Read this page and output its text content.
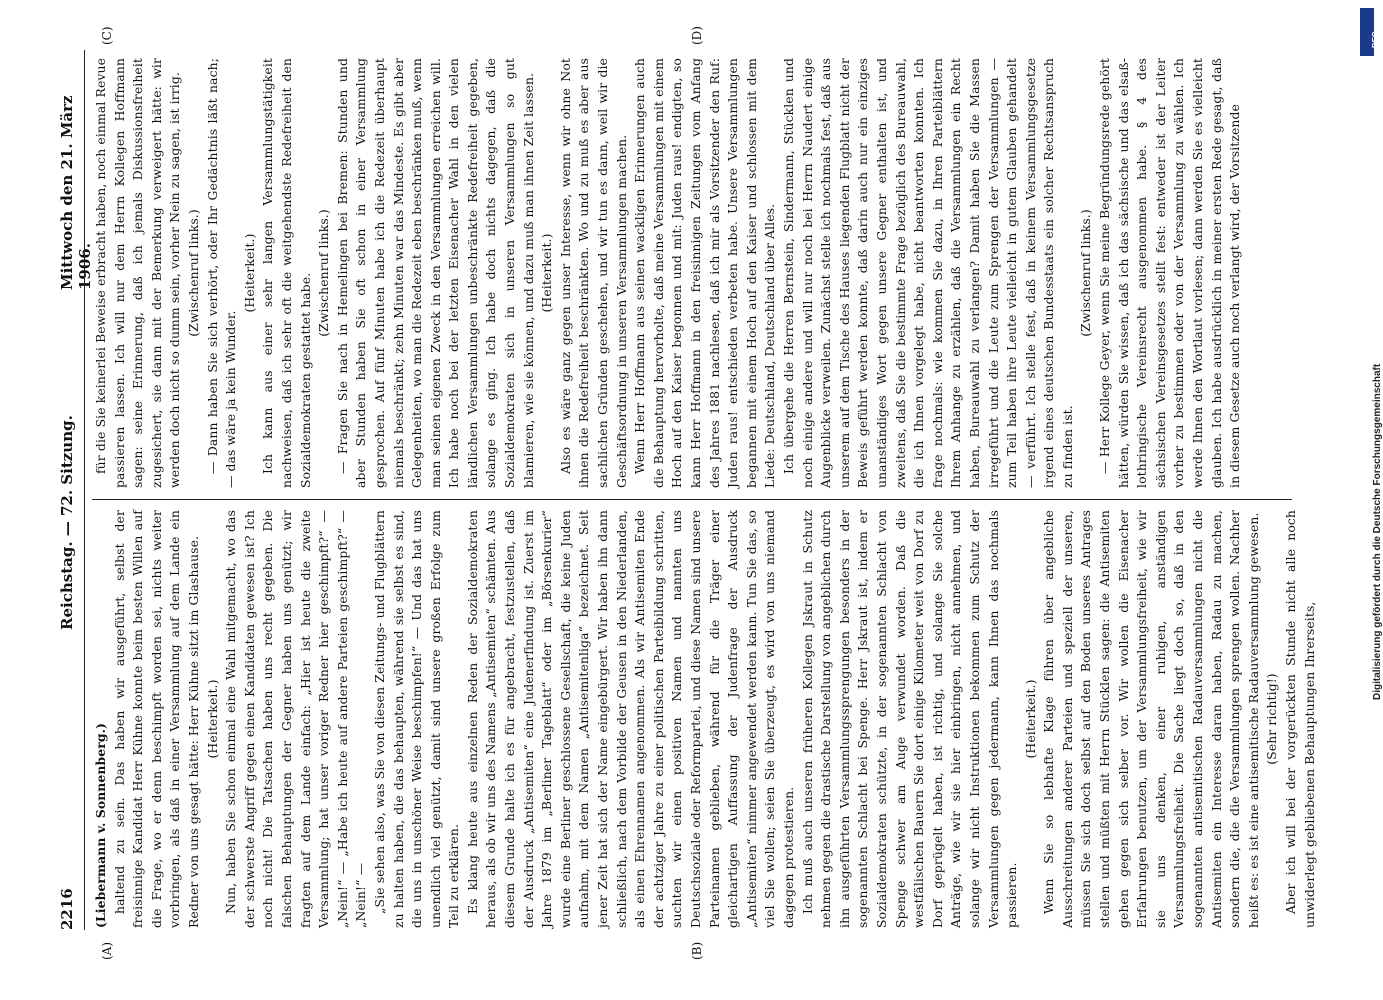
2216
Reichstag. — 72. Sitzung.
Mittwoch den 21. März 1906.
(A)	(B)
(C)	(D)

(Liebermann v. Sonnenberg.) haltend zu sein. Das haben wir ausgeführt, selbst der freisinnige Kandidat Herr Kühne konnte beim besten Willen auf die Frage, wo er denn beschimpft worden sei, nichts weiter vorbringen, als daß in einer Versammlung auf dem Lande ein Redner von uns gesagt hätte: Herr Kühne sitzt im Glashause. (Heiterkeit.) Nun, haben Sie schon einmal eine Wahl mitgemacht, wo das der schwerste Angriff gegen einen Kandidaten gewesen ist? Ich noch nicht! Die Tatsachen haben uns recht gegeben. Die falschen Behauptungen der Gegner haben uns genützt; wir fragten auf dem Lande einfach: „Hier ist heute die zweite Versammlung; hat unser voriger Redner hier geschimpft?“ — „Nein!“ — „Habe ich heute auf andere Parteien geschimpft?“ — „Nein!“ — „Sie sehen also, was Sie von diesen Zeitungs- und Flugblättern zu halten haben, die das behaupten, während sie selbst es sind, die uns in unschöner Weise beschimpfen!“ — Und das hat uns unendlich viel genützt, damit sind unsere großen Erfolge zum Teil zu erklären. Es klang heute aus einzelnen Reden der Sozialdemokraten heraus, als ob wir uns des Namens „Antisemiten“ schämten. Aus diesem Grunde halte ich es für angebracht, festzustellen, daß der Ausdruck „Antisemiten“ eine Judenerfindung ist. Zuerst im Jahre 1879 im „Berliner Tageblatt“ oder im „Börsenkurier“ wurde eine Berliner geschlossene Gesellschaft, die keine Juden aufnahm, mit dem Namen „Antisemitenliga“ bezeichnet. Seit jener Zeit hat sich der Name eingebürgert. Wir haben ihn dann schließlich, nach dem Vorbilde der Geusen in den Niederlanden, als einen Ehrennamen angenommen. Als wir Antisemiten Ende der achtziger Jahre zu einer politischen Parteibildung schritten, suchten wir einen positiven Namen und nannten uns Deutschsoziale oder Reformpartei, und diese Namen sind unsere Parteinamen geblieben, während für die Träger einer gleichartigen Auffassung der Judenfrage der Ausdruck „Antisemiten“ nimmer angewendet werden kann. Tun Sie das, so viel Sie wollen; seien Sie überzeugt, es wird von uns niemand dagegen protestieren. Ich muß auch unseren früheren Kollegen Jskraut in Schutz nehmen gegen die drastische Darstellung von angeblichen durch ihn ausgeführten Versammlungssprengungen besonders in der sogenannten Schlacht bei Spenge. Herr Jskraut ist, indem er Sozialdemokraten schützte, in der sogenannten Schlacht von Spenge schwer am Auge verwundet worden. Daß die westfälischen Bauern Sie dort einige Kilometer weit von Dorf zu Dorf geprügelt haben, ist richtig, und solange Sie solche Anträge, wie wir sie hier einbringen, nicht annehmen, und solange wir nicht Instruktionen bekommen zum Schutz der Versammlungen gegen jedermann, kann Ihnen das nochmals passieren.

(Heiterkeit.) Wenn Sie so lebhafte Klage führen über angebliche Ausschreitungen anderer Parteien und speziell der unseren, müssen Sie sich doch selbst auf den Boden unseres Antrages stellen und müßten mit Herrn Stücklen sagen: die Antisemiten gehen gegen sich selber vor. Wir wollen die Eisenacher Erfahrungen benutzen, um der Versammlungsfreiheit, wie wir sie uns denken, einer ruhigen, anständigen Versammlungsfreiheit. Die Sache liegt doch so, daß in den sogenannten antisemitischen Radauversammlungen nicht die Antisemiten ein Interesse daran haben, Radau zu machen, sondern die, die die Versammlungen sprengen wollen. Nachher heißt es: es ist eine antisemitische Radauversammlung gewesen. (Sehr richtig!) Aber ich will bei der vorgerückten Stunde nicht alle noch unwiderlegt gebliebenen Behauptungen Ihrerseits,

für die Sie keinerlei Beweise erbracht haben, noch einmal Revue passieren lassen. Ich will nur dem Herrn Kollegen Hoffmann sagen: seine Erinnerung, daß ich jemals Diskussionsfreiheit zugesichert, sie dann mit der Bemerkung verweigert hätte: wir werden doch nicht so dumm sein, vorher Nein zu sagen, ist irrig. (Zwischenruf links.) — Dann haben Sie sich verhört, oder Ihr Gedächtnis läßt nach; — das wäre ja kein Wunder.

(Heiterkeit.) Ich kann aus einer sehr langen Versammlungstätigkeit nachweisen, daß ich sehr oft die weitgehendste Redefreiheit den Sozialdemokraten gestattet habe. (Zwischenruf links.) — Fragen Sie nach in Hemelingen bei Bremen: Stunden und aber Stunden haben Sie oft schon in einer Versammlung gesprochen. Auf fünf Minuten habe ich die Redezeit überhaupt niemals beschränkt; zehn Minuten war das Mindeste. Es gibt aber Gelegenheiten, wo man die Redezeit eben beschränken muß, wenn man seinen eigenen Zweck in den Versammlungen erreichen will. Ich habe noch bei der letzten Eisenacher Wahl in den vielen ländlichen Versammlungen unbeschränkte Redefreiheit gegeben, solange es ging. Ich habe doch nichts dagegen, daß die Sozialdemokraten sich in unseren Versammlungen so gut blamieren, wie sie können, und dazu muß man ihnen Zeit lassen. (Heiterkeit.) Also es wäre ganz gegen unser Interesse, wenn wir ohne Not ihnen die Redefreiheit beschränkten. Wo und zu muß es aber aus sachlichen Gründen geschehen, und wir tun es dann, weil wir die Geschäftsordnung in unseren Versammlungen machen. Wenn Herr Hoffmann aus seinen wackligen Erinnerungen auch die Behauptung hervorholte, daß meine Versammlungen mit einem Hoch auf den Kaiser begonnen und mit: Juden raus! endigten, so kann Herr Hoffmann in den freisinnigen Zeitungen vom Anfang des Jahres 1881 nachlesen, daß ich mir als Vorsitzender den Ruf: Juden raus! entschieden verbeten habe. Unsere Versammlungen begannen mit einem Hoch auf den Kaiser und schlossen mit dem Liede: Deutschland, Deutschland über Alles. Ich übergehe die Herren Bernstein, Sindermann, Stücklen und noch einige andere und will nur noch bei Herrn Naudert einige Augenblicke verweilen. Zunächst stelle ich nochmals fest, daß aus unserem auf dem Tische des Hauses liegenden Flugblatt nicht der Beweis geführt werden konnte, daß darin auch nur ein einziges unanständiges Wort gegen unsere Gegner enthalten ist, und zweitens, daß Sie die bestimmte Frage bezüglich des Bureauwahl, die ich Ihnen vorgelegt habe, nicht beantworten konnten. Ich frage nochmals: wie kommen Sie dazu, in Ihren Parteiblättern Ihrem Anhange zu erzählen, daß die Versammlungen ein Recht haben, Bureauwahl zu verlangen? Damit haben Sie die Massen irregeführt und die Leute zum Sprengen der Versammlungen — zum Teil haben ihre Leute vielleicht in gutem Glauben gehandelt — verführt. Ich stelle fest, daß in keinem Versammlungsgesetze irgend eines deutschen Bundesstaats ein solcher Rechtsanspruch zu finden ist.

(Zwischenruf links.) — Herr Kollege Geyer, wenn Sie meine Begründungsrede gehört hätten, würden Sie wissen, daß ich das sächsische und das elsaß-lothringische Vereinsrecht ausgenommen habe. § 4 des sächsischen Vereinsgesetzes stellt fest: entweder ist der Leiter vorher zu bestimmen oder von der Versammlung zu wählen. Ich werde Ihnen den Wortlaut vorlesen; dann werden Sie es vielleicht glauben. Ich habe ausdrücklich in meiner ersten Rede gesagt, daß in diesem Gesetze auch noch verlangt wird, der Vorsitzende

DFG
Digitalisierung gefördert durch die Deutsche Forschungsgemeinschaft
